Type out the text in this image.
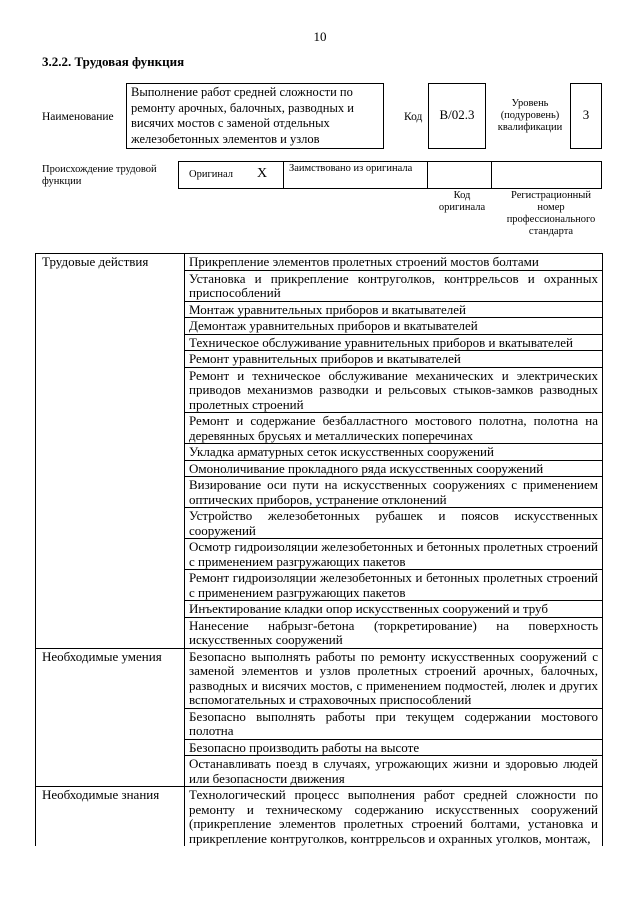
10
3.2.2. Трудовая функция
Наименование
Выполнение работ средней сложности по ремонту арочных, балочных, разводных и висячих мостов с заменой отдельных железобетонных элементов и узлов
Код	B/02.3
Уровень (подуровень) квалификации
3
Происхождение трудовой функции
Оригинал X Заимствовано из оригинала
Код оригинала
Регистрационный номер профессионального стандарта
Трудовые действия	Прикрепление элементов пролетных строений мостов болтами
	Установка и прикрепление контруголков, контррельсов и охранных приспособлений
	Монтаж уравнительных приборов и вкатывателей
	Демонтаж уравнительных приборов и вкатывателей
	Техническое обслуживание уравнительных приборов и вкатывателей
	Ремонт уравнительных приборов и вкатывателей
	Ремонт и техническое обслуживание механических и электрических приводов механизмов разводки и рельсовых стыков-замков разводных пролетных строений
	Ремонт и содержание безбалластного мостового полотна, полотна на деревянных брусьях и металлических поперечинах
	Укладка арматурных сеток искусственных сооружений
	Омоноличивание прокладного ряда искусственных сооружений
	Визирование оси пути на искусственных сооружениях с применением оптических приборов, устранение отклонений
	Устройство железобетонных рубашек и поясов искусственных сооружений
	Осмотр гидроизоляции железобетонных и бетонных пролетных строений с применением разгружающих пакетов
	Ремонт гидроизоляции железобетонных и бетонных пролетных строений с применением разгружающих пакетов
	Инъектирование кладки опор искусственных сооружений и труб
	Нанесение набрызг-бетона (торкретирование) на поверхность искусственных сооружений
Необходимые умения	Безопасно выполнять работы по ремонту искусственных сооружений с заменой элементов и узлов пролетных строений арочных, балочных, разводных и висячих мостов, с применением подмостей, люлек и других вспомогательных и страховочных приспособлений
	Безопасно выполнять работы при текущем содержании мостового полотна
	Безопасно производить работы на высоте
	Останавливать поезд в случаях, угрожающих жизни и здоровью людей или безопасности движения
Необходимые знания	Технологический процесс выполнения работ средней сложности по ремонту и техническому содержанию искусственных сооружений (прикрепление элементов пролетных строений болтами, установка и прикрепление контруголков, контррельсов и охранных уголков, монтаж,
